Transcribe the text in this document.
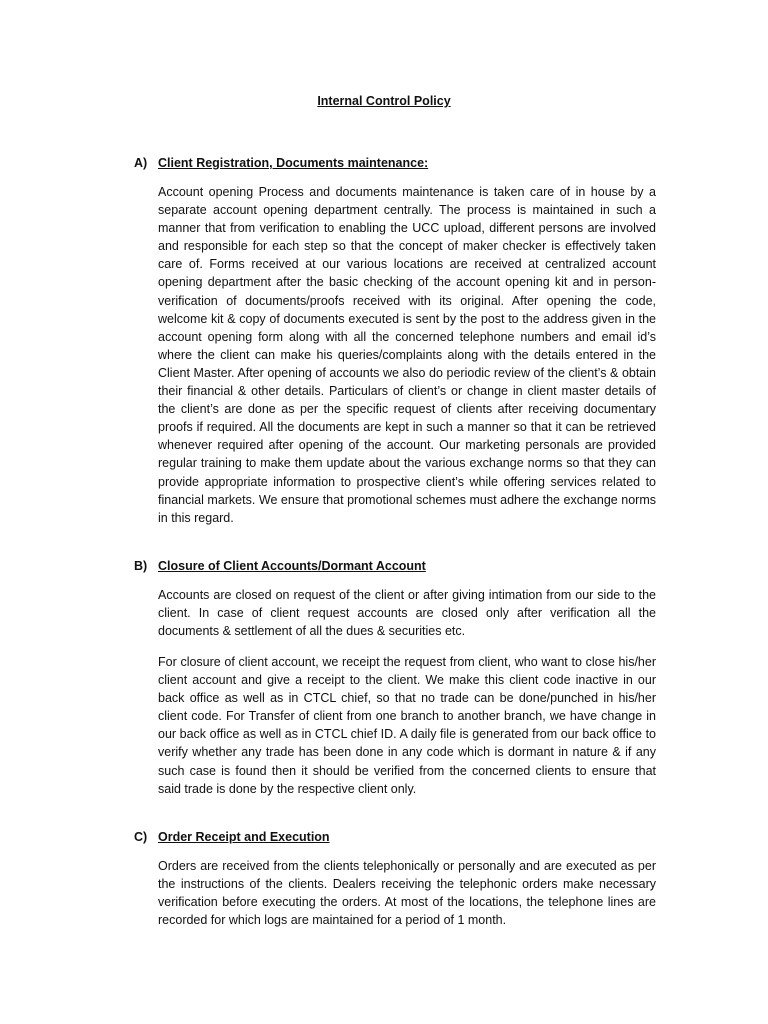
Internal Control Policy
A) Client Registration, Documents maintenance:

Account opening Process and documents maintenance is taken care of in house by a separate account opening department centrally. The process is maintained in such a manner that from verification to enabling the UCC upload, different persons are involved and responsible for each step so that the concept of maker checker is effectively taken care of. Forms received at our various locations are received at centralized account opening department after the basic checking of the account opening kit and in person-verification of documents/proofs received with its original. After opening the code, welcome kit & copy of documents executed is sent by the post to the address given in the account opening form along with all the concerned telephone numbers and email id’s where the client can make his queries/complaints along with the details entered in the Client Master. After opening of accounts we also do periodic review of the client’s & obtain their financial & other details. Particulars of client’s or change in client master details of the client’s are done as per the specific request of clients after receiving documentary proofs if required. All the documents are kept in such a manner so that it can be retrieved whenever required after opening of the account. Our marketing personals are provided regular training to make them update about the various exchange norms so that they can provide appropriate information to prospective client’s while offering services related to financial markets. We ensure that promotional schemes must adhere the exchange norms in this regard.

B) Closure of Client Accounts/Dormant Account

Accounts are closed on request of the client or after giving intimation from our side to the client. In case of client request accounts are closed only after verification all the documents & settlement of all the dues & securities etc.

For closure of client account, we receipt the request from client, who want to close his/her client account and give a receipt to the client. We make this client code inactive in our back office as well as in CTCL chief, so that no trade can be done/punched in his/her client code. For Transfer of client from one branch to another branch, we have change in our back office as well as in CTCL chief ID. A daily file is generated from our back office to verify whether any trade has been done in any code which is dormant in nature & if any such case is found then it should be verified from the concerned clients to ensure that said trade is done by the respective client only.

C) Order Receipt and Execution

Orders are received from the clients telephonically or personally and are executed as per the instructions of the clients. Dealers receiving the telephonic orders make necessary verification before executing the orders. At most of the locations, the telephone lines are recorded for which logs are maintained for a period of 1 month.
